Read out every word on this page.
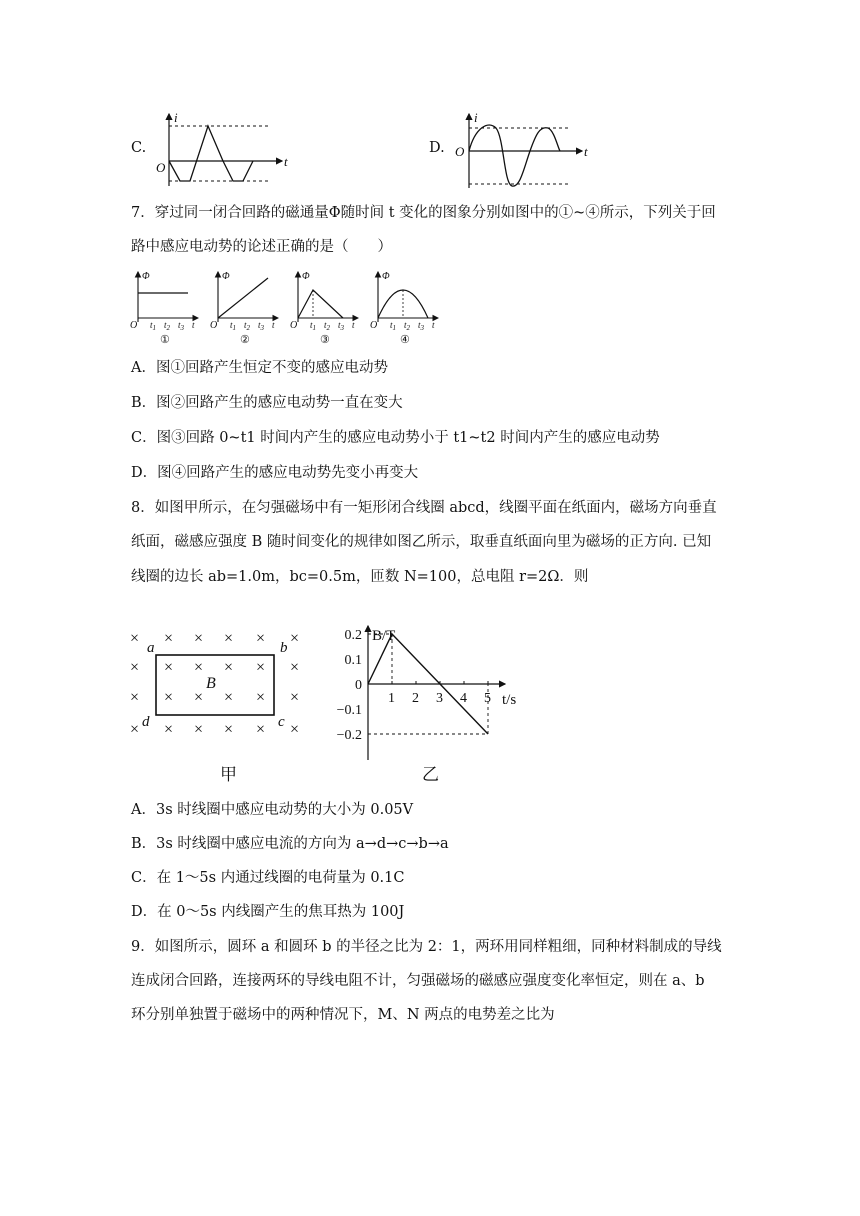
C.
i
t
O
D.
i
t
O
7．穿过同一闭合回路的磁通量Φ随时间 t 变化的图象分别如图中的①~④所示，下列关于回
路中感应电动势的论述正确的是（　　）
Φ
O $t_1$ $t_2$ $t_3$ t
①
Φ
O $t_1$ $t_2$ $t_3$ t
②
Φ
O $t_1$ $t_2$ $t_3$ t
③
Φ
O $t_1$ $t_2$ $t_3$ t
④
A．图①回路产生恒定不变的感应电动势
B．图②回路产生的感应电动势一直在变大
C．图③回路 0~t1 时间内产生的感应电动势小于 t1~t2 时间内产生的感应电动势
D．图④回路产生的感应电动势先变小再变大
8．如图甲所示，在匀强磁场中有一矩形闭合线圈 abcd，线圈平面在纸面内，磁场方向垂直
纸面，磁感应强度 B 随时间变化的规律如图乙所示，取垂直纸面向里为磁场的正方向. 已知
线圈的边长 ab=1.0m，bc=0.5m，匝数 N=100，总电阻 r=2Ω．则
× × × × × ×
× × × × × ×
× × × × × ×
× × × × × ×
a	b
c
d
B
甲
B/T
t/s
1 2 3 4 5
0.2
0.1
0
−0.1
−0.2
乙
A．3s 时线圈中感应电动势的大小为 0.05V
B．3s 时线圈中感应电流的方向为 a→d→c→b→a
C．在 1～5s 内通过线圈的电荷量为 0.1C
D．在 0～5s 内线圈产生的焦耳热为 100J
9．如图所示，圆环 a 和圆环 b 的半径之比为 2：1，两环用同样粗细，同种材料制成的导线
连成闭合回路，连接两环的导线电阻不计，匀强磁场的磁感应强度变化率恒定，则在 a、b
环分别单独置于磁场中的两种情况下，M、N 两点的电势差之比为
